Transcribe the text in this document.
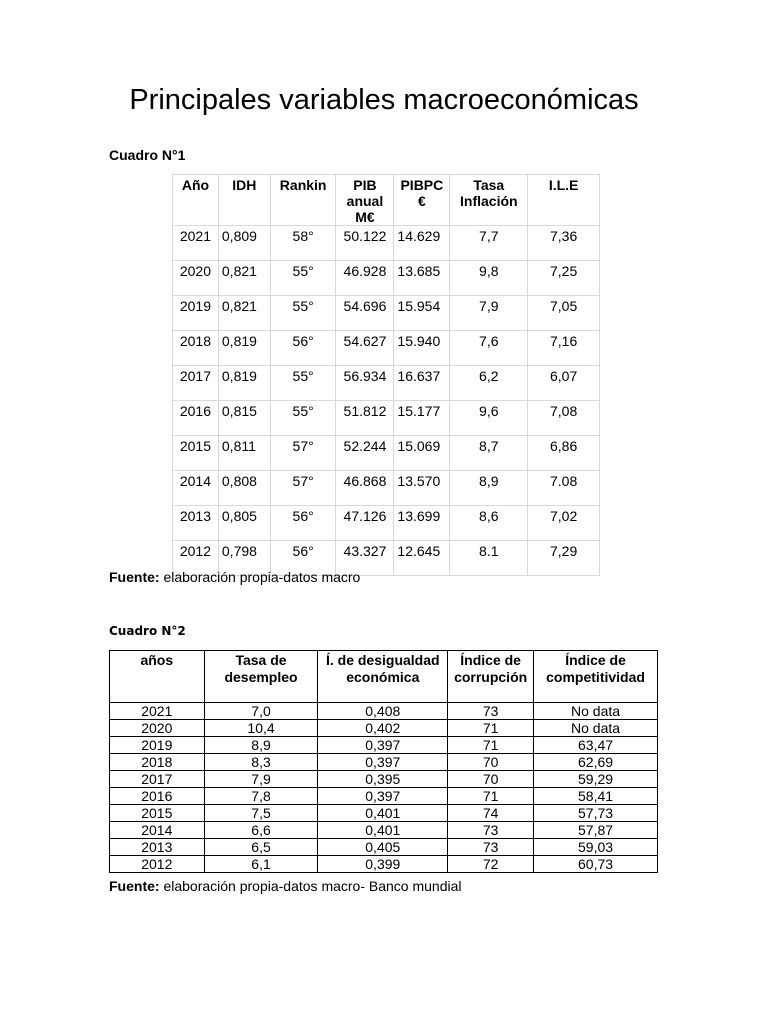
Principales variables macroeconómicas

Cuadro N°1

Año	IDH	Rankin	PIB anual M€	PIBPC €	Tasa Inflación	I.L.E
2021	0,809	58°	50.122	14.629	7,7	7,36
2020	0,821	55°	46.928	13.685	9,8	7,25
2019	0,821	55°	54.696	15.954	7,9	7,05
2018	0,819	56°	54.627	15.940	7,6	7,16
2017	0,819	55°	56.934	16.637	6,2	6,07
2016	0,815	55°	51.812	15.177	9,6	7,08
2015	0,811	57°	52.244	15.069	8,7	6,86
2014	0,808	57°	46.868	13.570	8,9	7.08
2013	0,805	56°	47.126	13.699	8,6	7,02
2012	0,798	56°	43.327	12.645	8.1	7,29

Fuente: elaboración propia-datos macro

Cuadro N°2

años	Tasa de desempleo	Í. de desigualdad económica	Índice de corrupción	Índice de competitividad
2021	7,0	0,408	73	No data
2020	10,4	0,402	71	No data
2019	8,9	0,397	71	63,47
2018	8,3	0,397	70	62,69
2017	7,9	0,395	70	59,29
2016	7,8	0,397	71	58,41
2015	7,5	0,401	74	57,73
2014	6,6	0,401	73	57,87
2013	6,5	0,405	73	59,03
2012	6,1	0,399	72	60,73

Fuente: elaboración propia-datos macro- Banco mundial
